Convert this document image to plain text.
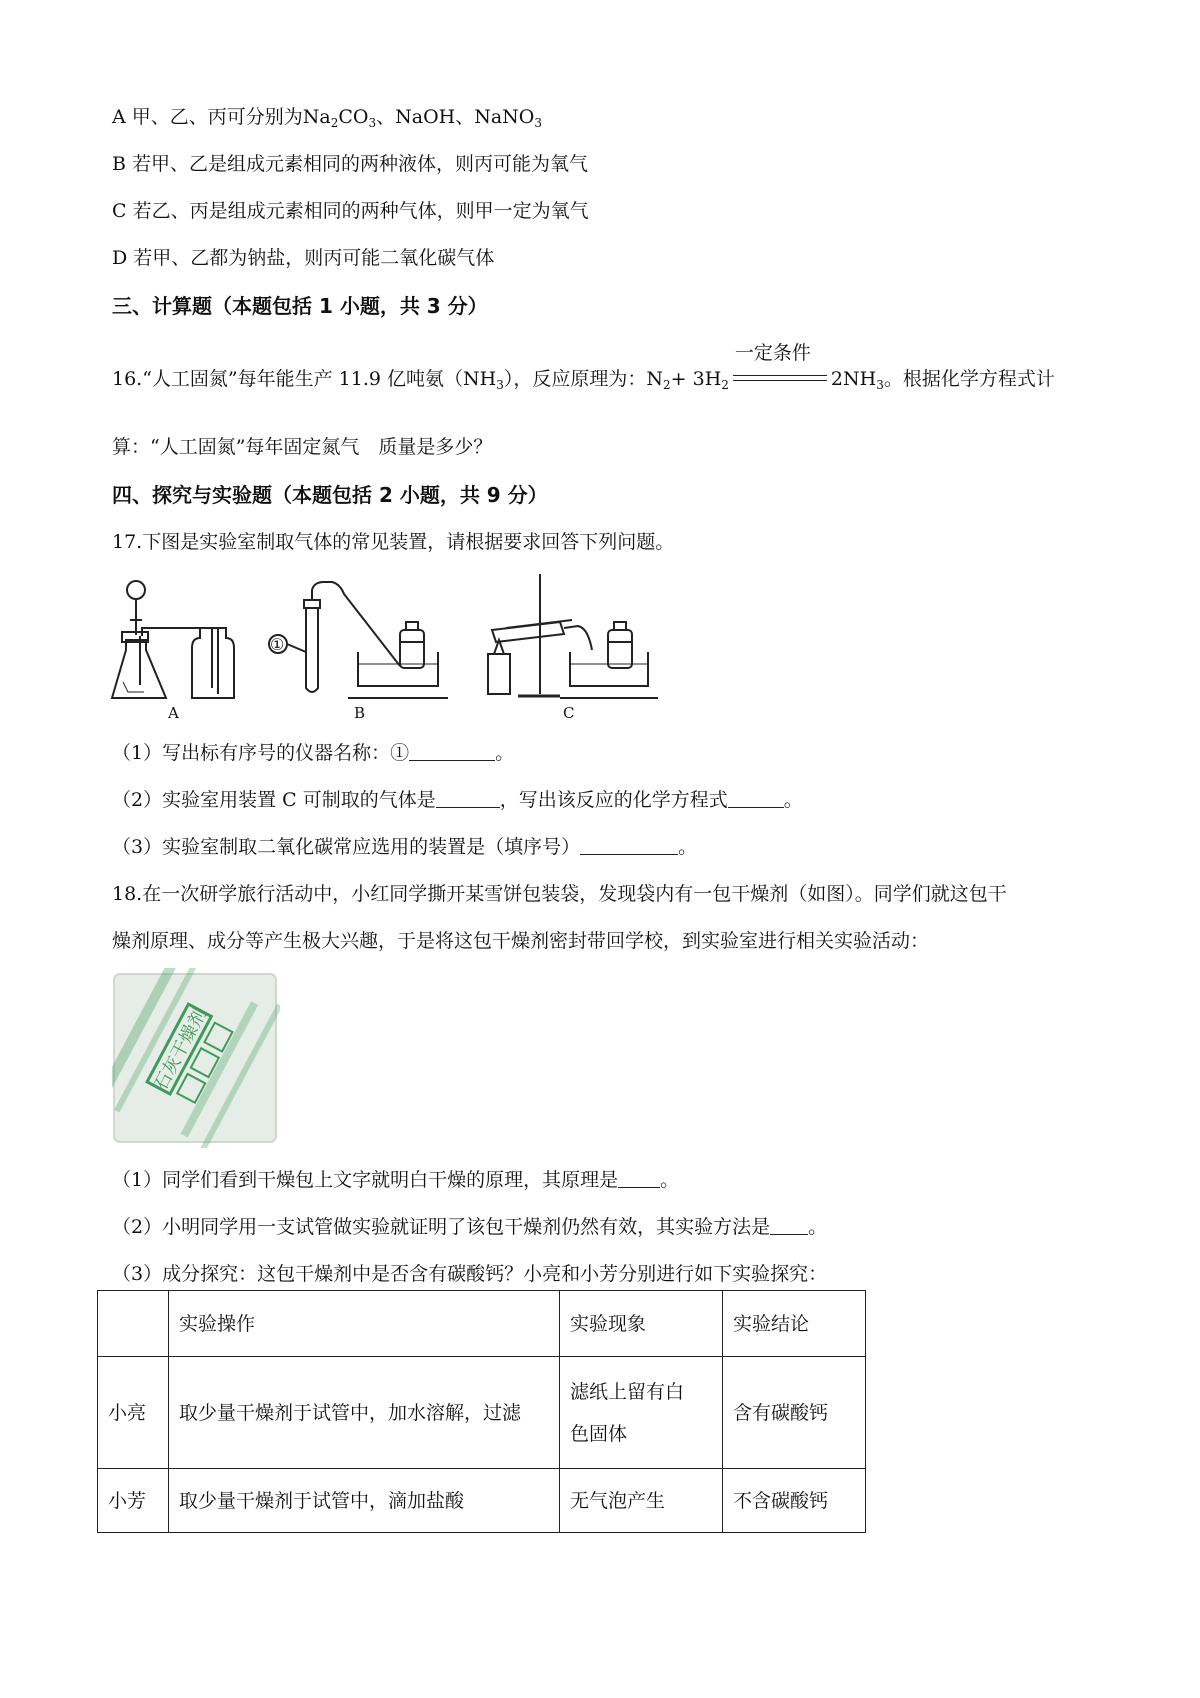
A 甲、乙、丙可分别为$Na_2CO_3$、NaOH、NaNO$_3$
B 若甲、乙是组成元素相同的两种液体，则丙可能为氧气
C 若乙、丙是组成元素相同的两种气体，则甲一定为氧气
D 若甲、乙都为钠盐，则丙可能二氧化碳气体
三、计算题（本题包括 1 小题，共 3 分）
16.“人工固氮”每年能生产 11.9 亿吨氨$(NH_3)$，反应原理为：$N_2+ 3H_2$
一定条件
$2NH_3$。根据化学方程式计
算：“人工固氮”每年固定氮气　质量是多少？
四、探究与实验题（本题包括 2 小题，共 9 分）
17.下图是实验室制取气体的常见装置，请根据要求回答下列问题。
①
A	B	C
（1）写出标有序号的仪器名称：①	。
（2）实验室用装置 C 可制取的气体是	，写出该反应的化学方程式	。
（3）实验室制取二氧化碳常应选用的装置是（填序号）	。
18.在一次研学旅行活动中，小红同学撕开某雪饼包装袋，发现袋内有一包干燥剂（如图）。同学们就这包干
燥剂原理、成分等产生极大兴趣，于是将这包干燥剂密封带回学校，到实验室进行相关实验活动：
石灰干燥剂
（1）同学们看到干燥包上文字就明白干燥的原理，其原理是 。
（2）小明同学用一支试管做实验就证明了该包干燥剂仍然有效，其实验方法是 。
（3）成分探究：这包干燥剂中是否含有碳酸钙？小亮和小芳分别进行如下实验探究：
	实验操作	实验现象	实验结论
小亮	取少量干燥剂于试管中，加水溶解，过滤	滤纸上留有白
色固体	含有碳酸钙
小芳	取少量干燥剂于试管中，滴加盐酸	无气泡产生	不含碳酸钙
